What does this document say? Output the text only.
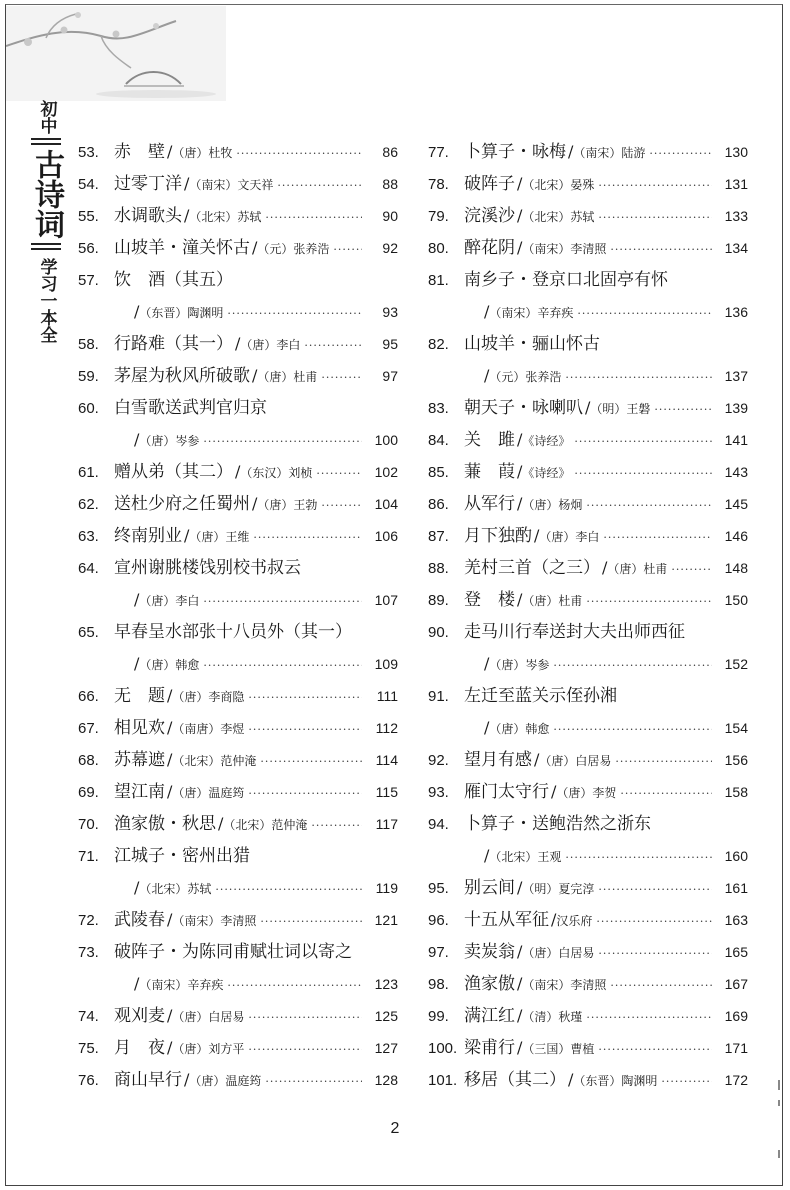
初中
古诗词
学习一本全
53. 赤　壁 /（唐）杜牧 ·····	86
54. 过零丁洋 /（南宋）文天祥 ·····	88
55. 水调歌头 /（北宋）苏轼 ·····	90
56. 山坡羊・潼关怀古 /（元）张养浩 ·····	92
57. 饮　酒（其五）
/（东晋）陶渊明 ·····	93
58. 行路难（其一） /（唐）李白 ·····	95
59. 茅屋为秋风所破歌 /（唐）杜甫 ·····	97
60. 白雪歌送武判官归京
/（唐）岑参 ·····	100
61. 赠从弟（其二） /（东汉）刘桢 ·····	102
62. 送杜少府之任蜀州 /（唐）王勃 ·····	104
63. 终南别业 /（唐）王维 ·····	106
64. 宣州谢朓楼饯别校书叔云
/（唐）李白 ·····	107
65. 早春呈水部张十八员外（其一）
/（唐）韩愈 ·····	109
66. 无　题 /（唐）李商隐 ·····	111
67. 相见欢 /（南唐）李煜 ·····	112
68. 苏幕遮 /（北宋）范仲淹 ·····	114
69. 望江南 /（唐）温庭筠 ·····	115
70. 渔家傲・秋思 /（北宋）范仲淹 ·····	117
71. 江城子・密州出猎
/（北宋）苏轼 ·····	119
72. 武陵春 /（南宋）李清照 ·····	121
73. 破阵子・为陈同甫赋壮词以寄之
/（南宋）辛弃疾 ·····	123
74. 观刈麦 /（唐）白居易 ·····	125
75. 月　夜 /（唐）刘方平 ·····	127
76. 商山早行 /（唐）温庭筠 ·····	128
77. 卜算子・咏梅 /（南宋）陆游 ·····	130
78. 破阵子 /（北宋）晏殊 ·····	131
79. 浣溪沙 /（北宋）苏轼 ·····	133
80. 醉花阴 /（南宋）李清照 ·····	134
81. 南乡子・登京口北固亭有怀
/（南宋）辛弃疾 ·····	136
82. 山坡羊・骊山怀古
/（元）张养浩 ·····	137
83. 朝天子・咏喇叭 /（明）王磐 ·····	139
84. 关　雎 /《诗经》 ·····	141
85. 蒹　葭 /《诗经》 ·····	143
86. 从军行 /（唐）杨炯 ·····	145
87. 月下独酌 /（唐）李白 ·····	146
88. 羌村三首（之三） /（唐）杜甫 ·····	148
89. 登　楼 /（唐）杜甫 ·····	150
90. 走马川行奉送封大夫出师西征
/（唐）岑参 ·····	152
91. 左迁至蓝关示侄孙湘
/（唐）韩愈 ·····	154
92. 望月有感 /（唐）白居易 ·····	156
93. 雁门太守行 /（唐）李贺 ·····	158
94. 卜算子・送鲍浩然之浙东
/（北宋）王观 ·····	160
95. 别云间 /（明）夏完淳 ·····	161
96. 十五从军征 /汉乐府 ·····	163
97. 卖炭翁 /（唐）白居易 ·····	165
98. 渔家傲 /（南宋）李清照 ·····	167
99. 满江红 /（清）秋瑾 ·····	169
100. 梁甫行 /（三国）曹植 ·····	171
101. 移居（其二） /（东晋）陶渊明 ·····	172
2
